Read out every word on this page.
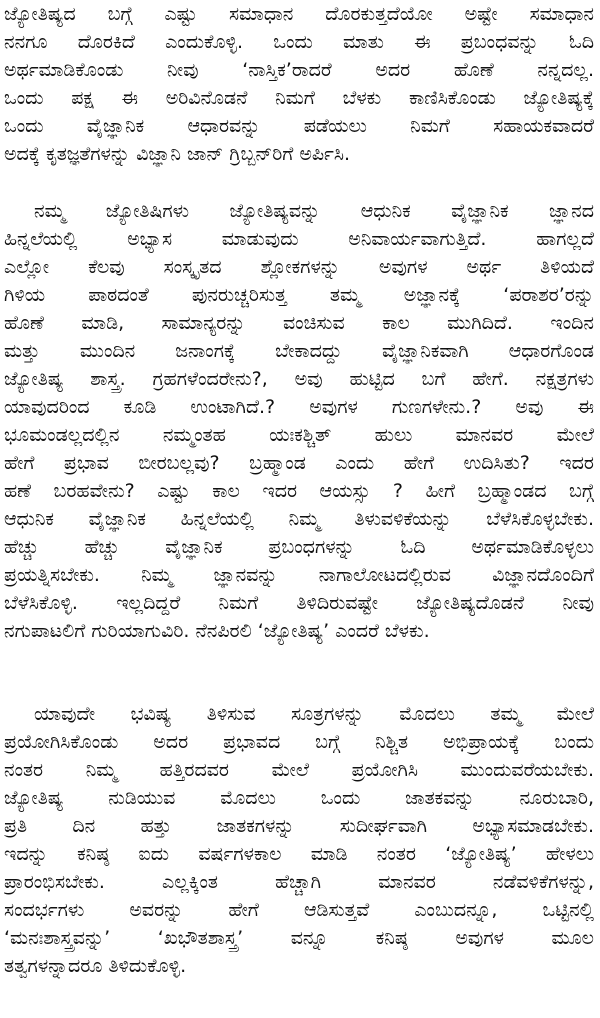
ಜ್ಯೋತಿಷ್ಯದ ಬಗ್ಗೆ ಎಷ್ಟು ಸಮಾಧಾನ ದೊರಕುತ್ತದೆಯೋ ಅಷ್ಟೇ ಸಮಾಧಾನ
ನನಗೂ ದೊರಕಿದೆ ಎಂದುಕೊಳ್ಳಿ. ಒಂದು ಮಾತು ಈ ಪ್ರಬಂಧವನ್ನು ಓದಿ
ಅರ್ಥಮಾಡಿಕೊಂಡು ನೀವು ‘ನಾಸ್ತಿಕ’ರಾದರೆ ಅದರ ಹೊಣೆ ನನ್ನದಲ್ಲ.
ಒಂದು ಪಕ್ಷ ಈ ಅರಿವಿನೊಡನೆ ನಿಮಗೆ ಬೆಳಕು ಕಾಣಿಸಿಕೊಂಡು ಜ್ಯೋತಿಷ್ಯಕ್ಕೆ
ಒಂದು ವೈಜ್ಞಾನಿಕ ಆಧಾರವನ್ನು ಪಡೆಯಲು ನಿಮಗೆ ಸಹಾಯಕವಾದರೆ
ಅದಕ್ಕೆ ಕೃತಜ್ಞತೆಗಳನ್ನು ವಿಜ್ಞಾನಿ ಜಾನ್ ಗ್ರಿಬ್ಬನ್‌ರಿಗೆ ಅರ್ಪಿಸಿ.
ನಮ್ಮ ಜ್ಯೋತಿಷಿಗಳು ಜ್ಯೋತಿಷ್ಯವನ್ನು ಆಧುನಿಕ ವೈಜ್ಞಾನಿಕ ಜ್ಞಾನದ
ಹಿನ್ನಲೆಯಲ್ಲಿ ಅಭ್ಯಾಸ ಮಾಡುವುದು ಅನಿವಾರ್ಯವಾಗುತ್ತಿದೆ. ಹಾಗಲ್ಲದೆ
ಎಲ್ಲೋ ಕೆಲವು ಸಂಸ್ಕೃತದ ಶ್ಲೋಕಗಳನ್ನು ಅವುಗಳ ಅರ್ಥ ತಿಳಿಯದೆ
ಗಿಳಿಯ ಪಾಠದಂತೆ ಪುನರುಚ್ಚರಿಸುತ್ತ ತಮ್ಮ ಅಜ್ಞಾನಕ್ಕೆ ‘ಪರಾಶರ’ರನ್ನು
ಹೊಣೆ ಮಾಡಿ, ಸಾಮಾನ್ಯರನ್ನು ವಂಚಿಸುವ ಕಾಲ ಮುಗಿದಿದೆ. ಇಂದಿನ
ಮತ್ತು ಮುಂದಿನ ಜನಾಂಗಕ್ಕೆ ಬೇಕಾದದ್ದು ವೈಜ್ಞಾನಿಕವಾಗಿ ಆಧಾರಗೊಂಡ
ಜ್ಯೋತಿಷ್ಯ ಶಾಸ್ತ್ರ. ಗ್ರಹಗಳೆಂದರೇನು?, ಅವು ಹುಟ್ಟಿದ ಬಗೆ ಹೇಗೆ. ನಕ್ಷತ್ರಗಳು
ಯಾವುದರಿಂದ ಕೂಡಿ ಉಂಟಾಗಿದೆ.? ಅವುಗಳ ಗುಣಗಳೇನು.? ಅವು ಈ
ಭೂಮಂಡಲ್ಲದಲ್ಲಿನ ನಮ್ಮಂತಹ ಯಃಕಶ್ಚಿತ್ ಹುಲು ಮಾನವರ ಮೇಲೆ
ಹೇಗೆ ಪ್ರಭಾವ ಬೀರಬಲ್ಲವು? ಬ್ರಹ್ಮಾಂಡ ಎಂದು ಹೇಗೆ ಉದಿಸಿತು? ಇದರ
ಹಣೆ ಬರಹವೇನು? ಎಷ್ಟು ಕಾಲ ಇದರ ಆಯಸ್ಸು ? ಹೀಗೆ ಬ್ರಹ್ಮಾಂಡದ ಬಗ್ಗೆ
ಆಧುನಿಕ ವೈಜ್ಞಾನಿಕ ಹಿನ್ನಲೆಯಲ್ಲಿ ನಿಮ್ಮ ತಿಳುವಳಿಕೆಯನ್ನು ಬೆಳೆಸಿಕೊಳ್ಳಬೇಕು.
ಹೆಚ್ಚು ಹೆಚ್ಚು ವೈಜ್ಞಾನಿಕ ಪ್ರಬಂಧಗಳನ್ನು ಓದಿ ಅರ್ಥಮಾಡಿಕೊಳ್ಳಲು
ಪ್ರಯತ್ನಿಸಬೇಕು. ನಿಮ್ಮ ಜ್ಞಾನವನ್ನು ನಾಗಾಲೋಟದಲ್ಲಿರುವ ವಿಜ್ಞಾನದೊಂದಿಗೆ
ಬೆಳೆಸಿಕೊಳ್ಳಿ. ಇಲ್ಲದಿದ್ದರೆ ನಿಮಗೆ ತಿಳಿದಿರುವಷ್ಟೇ ಜ್ಯೋತಿಷ್ಯದೊಡನೆ ನೀವು
ನಗುಪಾಟಲಿಗೆ ಗುರಿಯಾಗುವಿರಿ. ನೆನಪಿರಲಿ ‘ಜ್ಯೋತಿಷ್ಯ’ ಎಂದರೆ ಬೆಳಕು.
ಯಾವುದೇ ಭವಿಷ್ಯ ತಿಳಿಸುವ ಸೂತ್ರಗಳನ್ನು ಮೊದಲು ತಮ್ಮ ಮೇಲೆ
ಪ್ರಯೋಗಿಸಿಕೊಂಡು ಅದರ ಪ್ರಭಾವದ ಬಗ್ಗೆ ನಿಶ್ಚಿತ ಅಭಿಪ್ರಾಯಕ್ಕೆ ಬಂದು
ನಂತರ ನಿಮ್ಮ ಹತ್ತಿರದವರ ಮೇಲೆ ಪ್ರಯೋಗಿಸಿ ಮುಂದುವರೆಯಬೇಕು.
ಜ್ಯೋತಿಷ್ಯ ನುಡಿಯುವ ಮೊದಲು ಒಂದು ಜಾತಕವನ್ನು ನೂರುಬಾರಿ,
ಪ್ರತಿ ದಿನ ಹತ್ತು ಜಾತಕಗಳನ್ನು ಸುದೀರ್ಘವಾಗಿ ಅಭ್ಯಾಸಮಾಡಬೇಕು.
ಇದನ್ನು ಕನಿಷ್ಠ ಐದು ವರ್ಷಗಳಕಾಲ ಮಾಡಿ ನಂತರ ‘ಜ್ಯೋತಿಷ್ಯ’ ಹೇಳಲು
ಪ್ರಾರಂಭಿಸಬೇಕು. ಎಲ್ಲಕ್ಕಿಂತ ಹೆಚ್ಚಾಗಿ ಮಾನವರ ನಡೆವಳಿಕೆಗಳನ್ನು,
ಸಂದರ್ಭಗಳು ಅವರನ್ನು ಹೇಗೆ ಆಡಿಸುತ್ತವೆ ಎಂಬುದನ್ನೂ, ಒಟ್ಟಿನಲ್ಲಿ
‘ಮನಃಶಾಸ್ತ್ರವನ್ನು’ ‘ಖಭೌತಶಾಸ್ತ್ರ’ ವನ್ನೂ ಕನಿಷ್ಠ ಅವುಗಳ ಮೂಲ
ತತ್ವಗಳನ್ನಾದರೂ ತಿಳಿದುಕೊಳ್ಳಿ.
